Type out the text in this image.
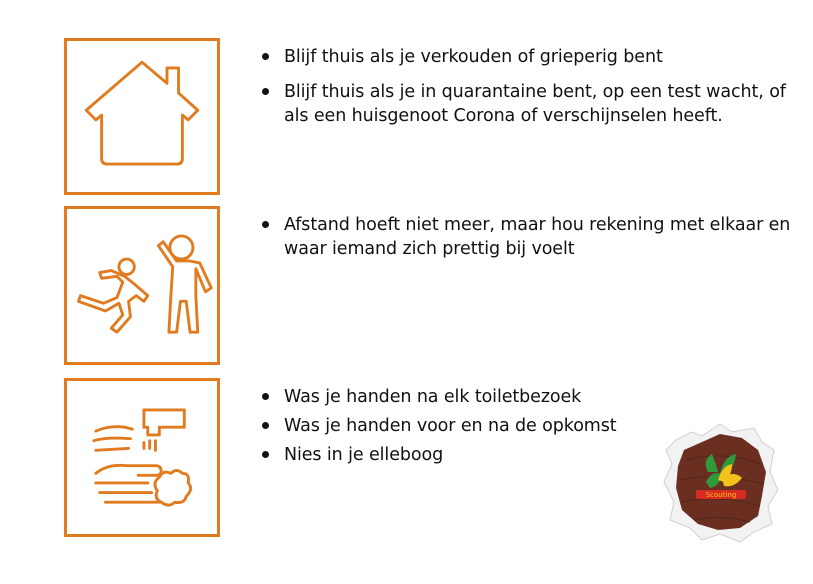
Blijf thuis als je verkouden of grieperig bent
Blijf thuis als je in quarantaine bent, op een test wacht, of als een huisgenoot Corona of verschijnselen heeft.
Afstand hoeft niet meer, maar hou rekening met elkaar en waar iemand zich prettig bij voelt
Was je handen na elk toiletbezoek
Was je handen voor en na de opkomst
Nies in je elleboog
Scouting
